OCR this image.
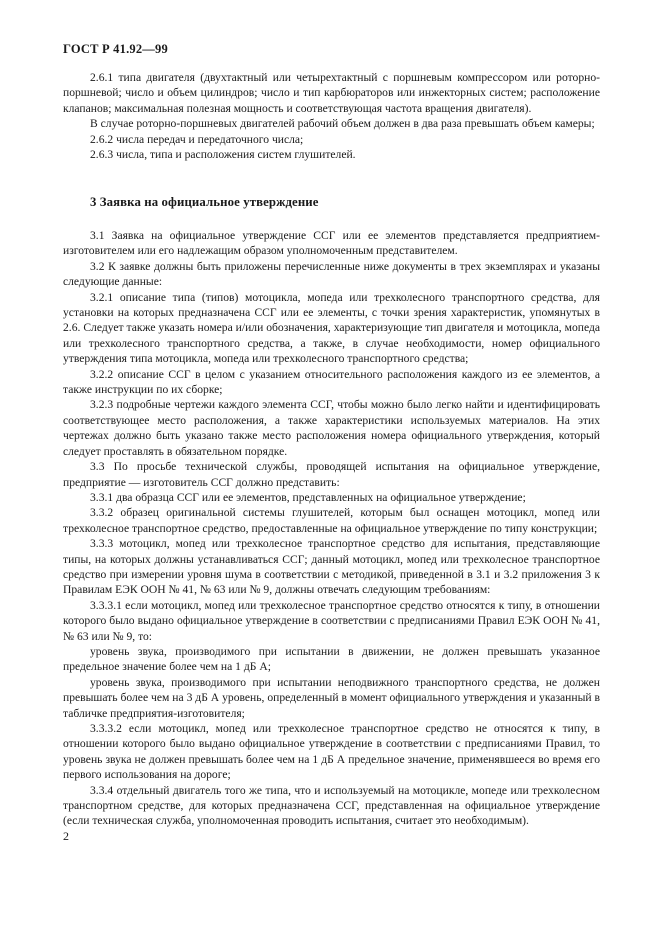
ГОСТ Р 41.92—99

2.6.1 типа двигателя (двухтактный или четырехтактный с поршневым компрессором или роторно-поршневой; число и объем цилиндров; число и тип карбюраторов или инжекторных систем; расположение клапанов; максимальная полезная мощность и соответствующая частота вращения двигателя).

В случае роторно-поршневых двигателей рабочий объем должен в два раза превышать объем камеры;

2.6.2 числа передач и передаточного числа;

2.6.3 числа, типа и расположения систем глушителей.

3 Заявка на официальное утверждение

3.1 Заявка на официальное утверждение ССГ или ее элементов представляется предприятием-изготовителем или его надлежащим образом уполномоченным представителем.

3.2 К заявке должны быть приложены перечисленные ниже документы в трех экземплярах и указаны следующие данные:

3.2.1 описание типа (типов) мотоцикла, мопеда или трехколесного транспортного средства, для установки на которых предназначена ССГ или ее элементы, с точки зрения характеристик, упомянутых в 2.6. Следует также указать номера и/или обозначения, характеризующие тип двигателя и мотоцикла, мопеда или трехколесного транспортного средства, а также, в случае необходимости, номер официального утверждения типа мотоцикла, мопеда или трехколесного транспортного средства;

3.2.2 описание ССГ в целом с указанием относительного расположения каждого из ее элементов, а также инструкции по их сборке;

3.2.3 подробные чертежи каждого элемента ССГ, чтобы можно было легко найти и идентифицировать соответствующее место расположения, а также характеристики используемых материалов. На этих чертежах должно быть указано также место расположения номера официального утверждения, который следует проставлять в обязательном порядке.

3.3 По просьбе технической службы, проводящей испытания на официальное утверждение, предприятие — изготовитель ССГ должно представить:

3.3.1 два образца ССГ или ее элементов, представленных на официальное утверждение;

3.3.2 образец оригинальной системы глушителей, которым был оснащен мотоцикл, мопед или трехколесное транспортное средство, предоставленные на официальное утверждение по типу конструкции;

3.3.3 мотоцикл, мопед или трехколесное транспортное средство для испытания, представляющие типы, на которых должны устанавливаться ССГ; данный мотоцикл, мопед или трехколесное транспортное средство при измерении уровня шума в соответствии с методикой, приведенной в 3.1 и 3.2 приложения 3 к Правилам ЕЭК ООН № 41, № 63 или № 9, должны отвечать следующим требованиям:

3.3.3.1 если мотоцикл, мопед или трехколесное транспортное средство относятся к типу, в отношении которого было выдано официальное утверждение в соответствии с предписаниями Правил ЕЭК ООН № 41, № 63 или № 9, то:

уровень звука, производимого при испытании в движении, не должен превышать указанное предельное значение более чем на 1 дБ А;

уровень звука, производимого при испытании неподвижного транспортного средства, не должен превышать более чем на 3 дБ А уровень, определенный в момент официального утверждения и указанный в табличке предприятия-изготовителя;

3.3.3.2 если мотоцикл, мопед или трехколесное транспортное средство не относятся к типу, в отношении которого было выдано официальное утверждение в соответствии с предписаниями Правил, то уровень звука не должен превышать более чем на 1 дБ А предельное значение, применявшееся во время его первого использования на дороге;

3.3.4 отдельный двигатель того же типа, что и используемый на мотоцикле, мопеде или трехколесном транспортном средстве, для которых предназначена ССГ, представленная на официальное утверждение (если техническая служба, уполномоченная проводить испытания, считает это необходимым).

2
